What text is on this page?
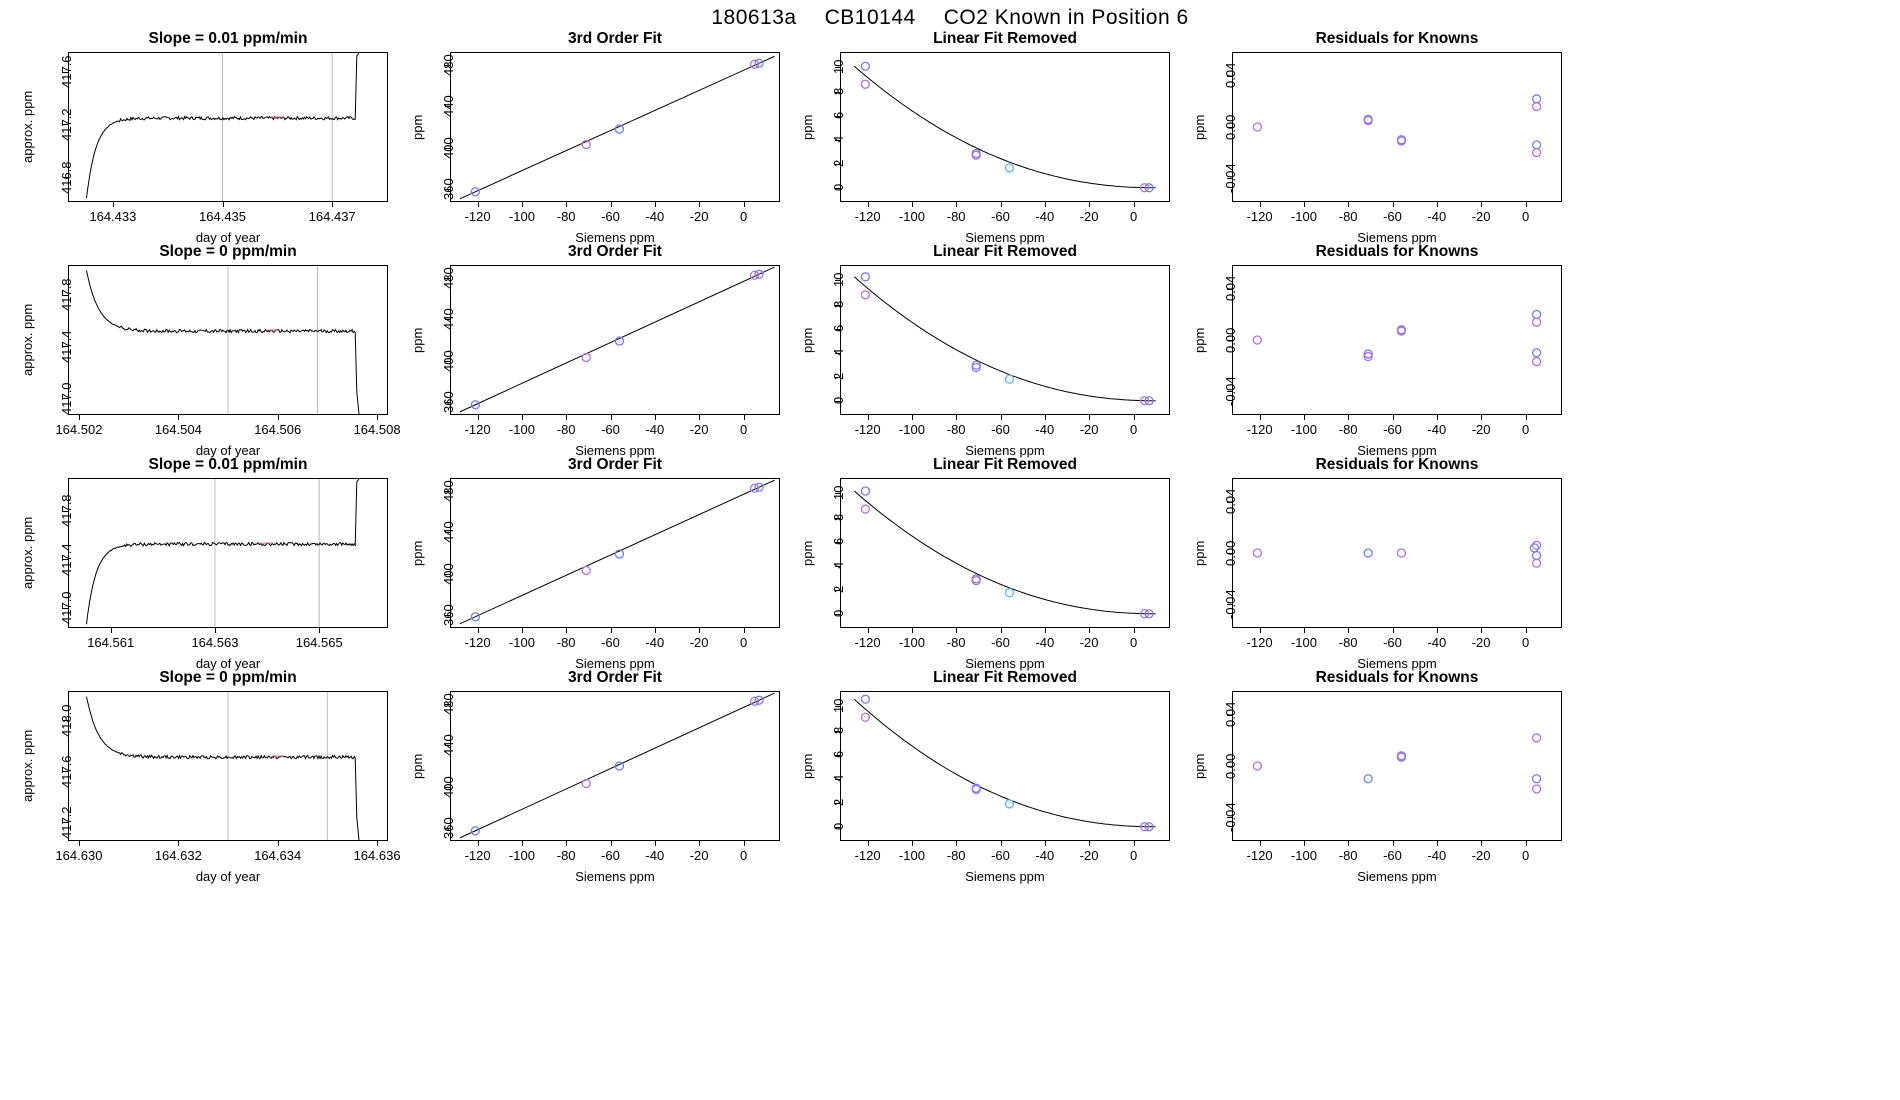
180613a CB10144 CO2 Known in Position 6
Slope = 0.01 ppm/min
164.433	164.435	164.437
416.8
417.2
417.6
day of year
approx. ppm
3rd Order Fit
-120 -100 -80 -60 -40 -20 0
360
400
440
480
Siemens ppm
ppm
Linear Fit Removed
-120 -100 -80 -60 -40 -20 0
0
2
4
6
8
10
Siemens ppm
ppm
Residuals for Knowns
-120 -100 -80 -60 -40 -20 0
-0.04
0.00
0.04
Siemens ppm
ppm
Slope = 0 ppm/min
164.502	164.504	164.506	164.508
417.0
417.4
417.8
day of year
approx. ppm
3rd Order Fit
-120 -100 -80 -60 -40 -20 0
360
400
440
480
Siemens ppm
ppm
Linear Fit Removed
-120 -100 -80 -60 -40 -20 0
0
2
4
6
8
10
Siemens ppm
ppm
Residuals for Knowns
-120 -100 -80 -60 -40 -20 0
-0.04
0.00
0.04
Siemens ppm
ppm
Slope = 0.01 ppm/min
164.561	164.563	164.565
417.0
417.4
417.8
day of year
approx. ppm
3rd Order Fit
-120 -100 -80 -60 -40 -20 0
360
400
440
480
Siemens ppm
ppm
Linear Fit Removed
-120 -100 -80 -60 -40 -20 0
0
2
4
6
8
10
Siemens ppm
ppm
Residuals for Knowns
-120 -100 -80 -60 -40 -20 0
-0.04
0.00
0.04
Siemens ppm
ppm
Slope = 0 ppm/min
164.630	164.632	164.634	164.636
417.2
417.6
418.0
day of year
approx. ppm
3rd Order Fit
-120 -100 -80 -60 -40 -20 0
360
400
440
480
Siemens ppm
ppm
Linear Fit Removed
-120 -100 -80 -60 -40 -20 0
0
2
4
6
8
10
Siemens ppm
ppm
Residuals for Knowns
-120 -100 -80 -60 -40 -20 0
-0.04
0.00
0.04
Siemens ppm
ppm
